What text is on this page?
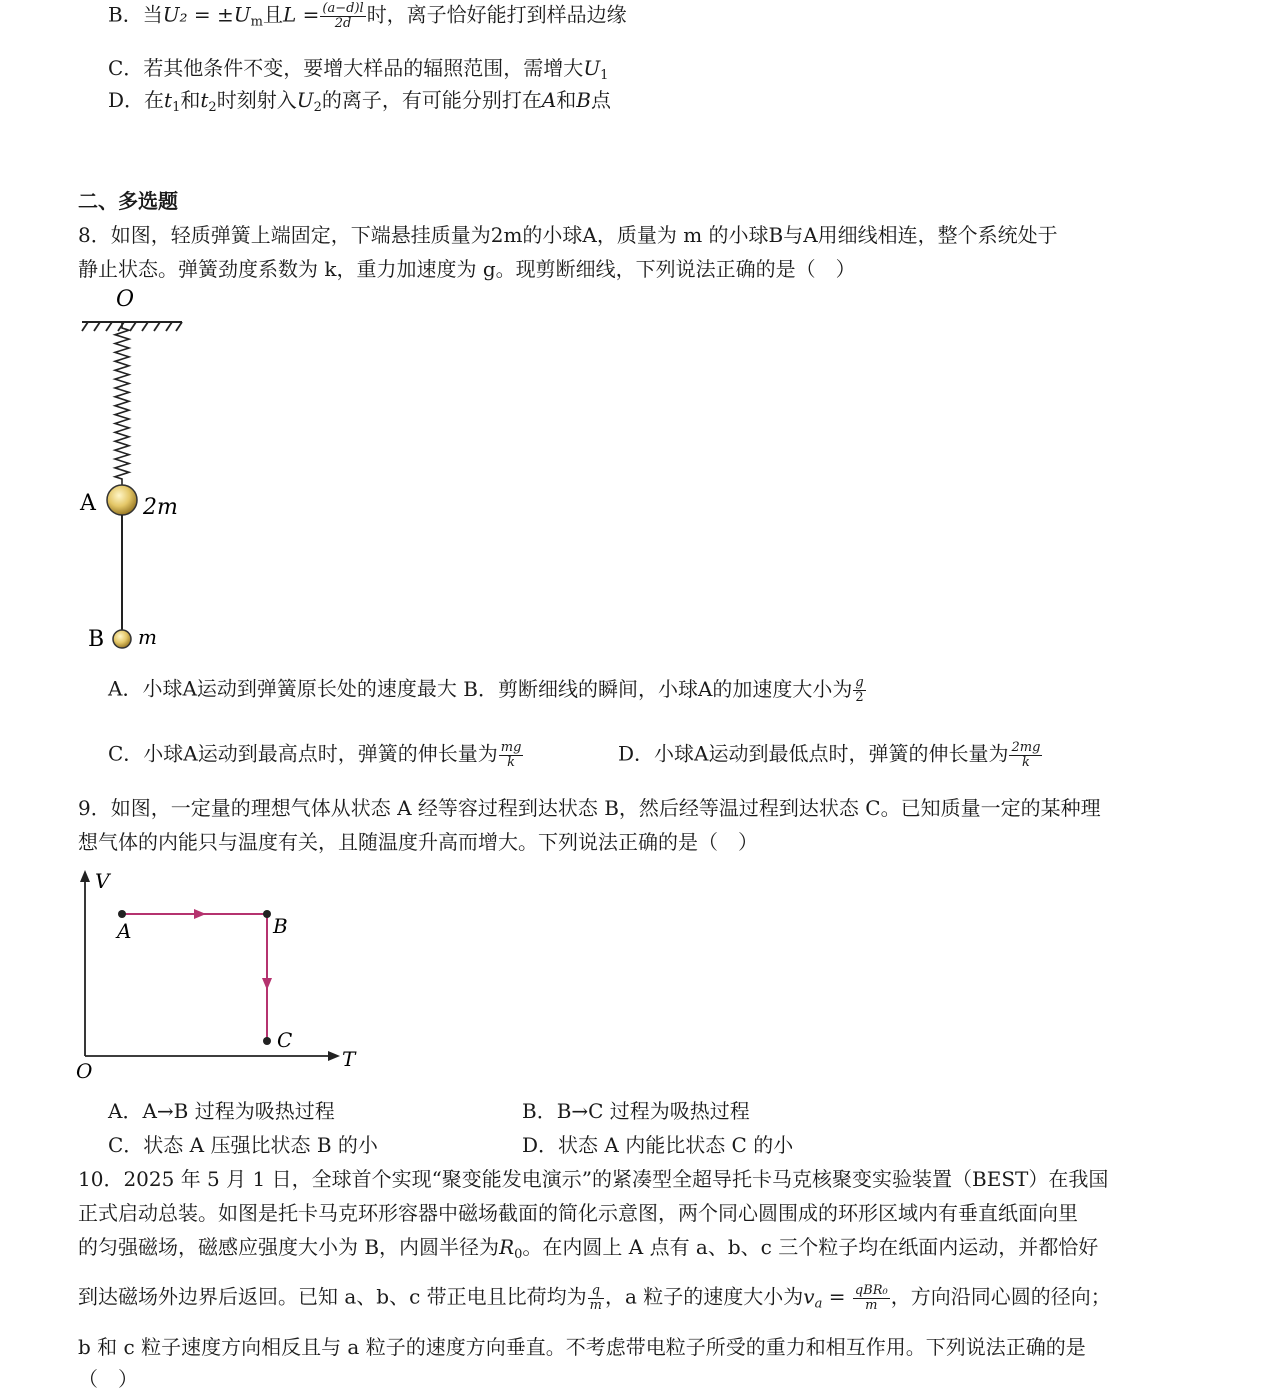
B．当$U_2 = \pm U_m$且$L = \frac{(a-d)l}{2d}$ 时，离子恰好能打到样品边缘
C．若其他条件不变，要增大样品的辐照范围，需增大$U_1$
D．在$t_1$和$t_2$时刻射入$U_2$的离子，有可能分别打在A和B点
二、多选题
8．如图，轻质弹簧上端固定，下端悬挂质量为2m的小球A，质量为 m 的小球B与A用细线相连，整个系统处于
静止状态。弹簧劲度系数为 k，重力加速度为 g。现剪断细线，下列说法正确的是（　）
O
A 2m
B m
A．小球A运动到弹簧原长处的速度最大 B．剪断细线的瞬间，小球A的加速度大小为 $\frac{g}{2}$
C．小球A运动到最高点时，弹簧的伸长量为 $\frac{mg}{k}$	D．小球A运动到最低点时，弹簧的伸长量为 $\frac{2mg}{k}$
9．如图，一定量的理想气体从状态 A 经等容过程到达状态 B，然后经等温过程到达状态 C。已知质量一定的某种理
想气体的内能只与温度有关，且随温度升高而增大。下列说法正确的是（　）
V
T
O
A	B
C
A．A→B 过程为吸热过程	B．B→C 过程为吸热过程
C．状态 A 压强比状态 B 的小	D．状态 A 内能比状态 C 的小
10．2025 年 5 月 1 日，全球首个实现“聚变能发电演示”的紧凑型全超导托卡马克核聚变实验装置（BEST）在我国
正式启动总装。如图是托卡马克环形容器中磁场截面的简化示意图，两个同心圆围成的环形区域内有垂直纸面向里
的匀强磁场，磁感应强度大小为 B，内圆半径为$R_0$。在内圆上 A 点有 a、b、c 三个粒子均在纸面内运动，并都恰好
到达磁场外边界后返回。已知 a、b、c 带正电且比荷均为 $\frac{q}{m}$ ，a 粒子的速度大小为$v_a = \frac{\text{qBR₀}}{m}$ ，方向沿同心圆的径向；
b 和 c 粒子速度方向相反且与 a 粒子的速度方向垂直。不考虑带电粒子所受的重力和相互作用。下列说法正确的是
（　）
